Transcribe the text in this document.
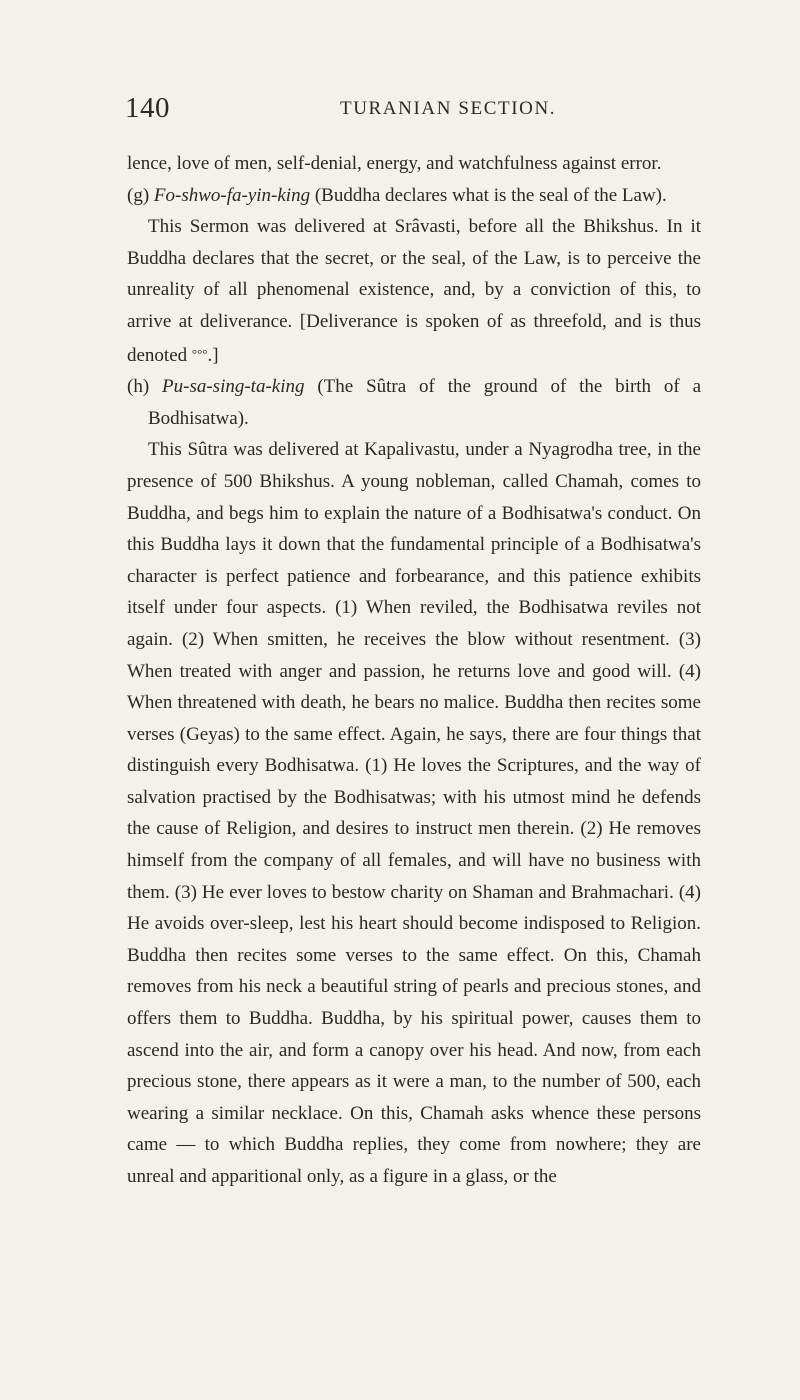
140	TURANIAN SECTION.

lence, love of men, self-denial, energy, and watchfulness against error.

(g) Fo-shwo-fa-yin-king (Buddha declares what is the seal of the Law).

This Sermon was delivered at Srâvasti, before all the Bhikshus. In it Buddha declares that the secret, or the seal, of the Law, is to perceive the unreality of all phenomenal existence, and, by a conviction of this, to arrive at deliverance. [Deliverance is spoken of as threefold, and is thus denoted °°°.]

(h) Pu-sa-sing-ta-king (The Sûtra of the ground of the birth of a Bodhisatwa).

This Sûtra was delivered at Kapalivastu, under a Nyagrodha tree, in the presence of 500 Bhikshus. A young nobleman, called Chamah, comes to Buddha, and begs him to explain the nature of a Bodhisatwa's conduct. On this Buddha lays it down that the fundamental principle of a Bodhisatwa's character is perfect patience and forbearance, and this patience exhibits itself under four aspects. (1) When reviled, the Bodhisatwa reviles not again. (2) When smitten, he receives the blow without resentment. (3) When treated with anger and passion, he returns love and good will. (4) When threatened with death, he bears no malice. Buddha then recites some verses (Geyas) to the same effect. Again, he says, there are four things that distinguish every Bodhisatwa. (1) He loves the Scriptures, and the way of salvation practised by the Bodhisatwas; with his utmost mind he defends the cause of Religion, and desires to instruct men therein. (2) He removes himself from the company of all females, and will have no business with them. (3) He ever loves to bestow charity on Shaman and Brahmachari. (4) He avoids over-sleep, lest his heart should become indisposed to Religion. Buddha then recites some verses to the same effect. On this, Chamah removes from his neck a beautiful string of pearls and precious stones, and offers them to Buddha. Buddha, by his spiritual power, causes them to ascend into the air, and form a canopy over his head. And now, from each precious stone, there appears as it were a man, to the number of 500, each wearing a similar necklace. On this, Chamah asks whence these persons came — to which Buddha replies, they come from nowhere; they are unreal and apparitional only, as a figure in a glass, or the
